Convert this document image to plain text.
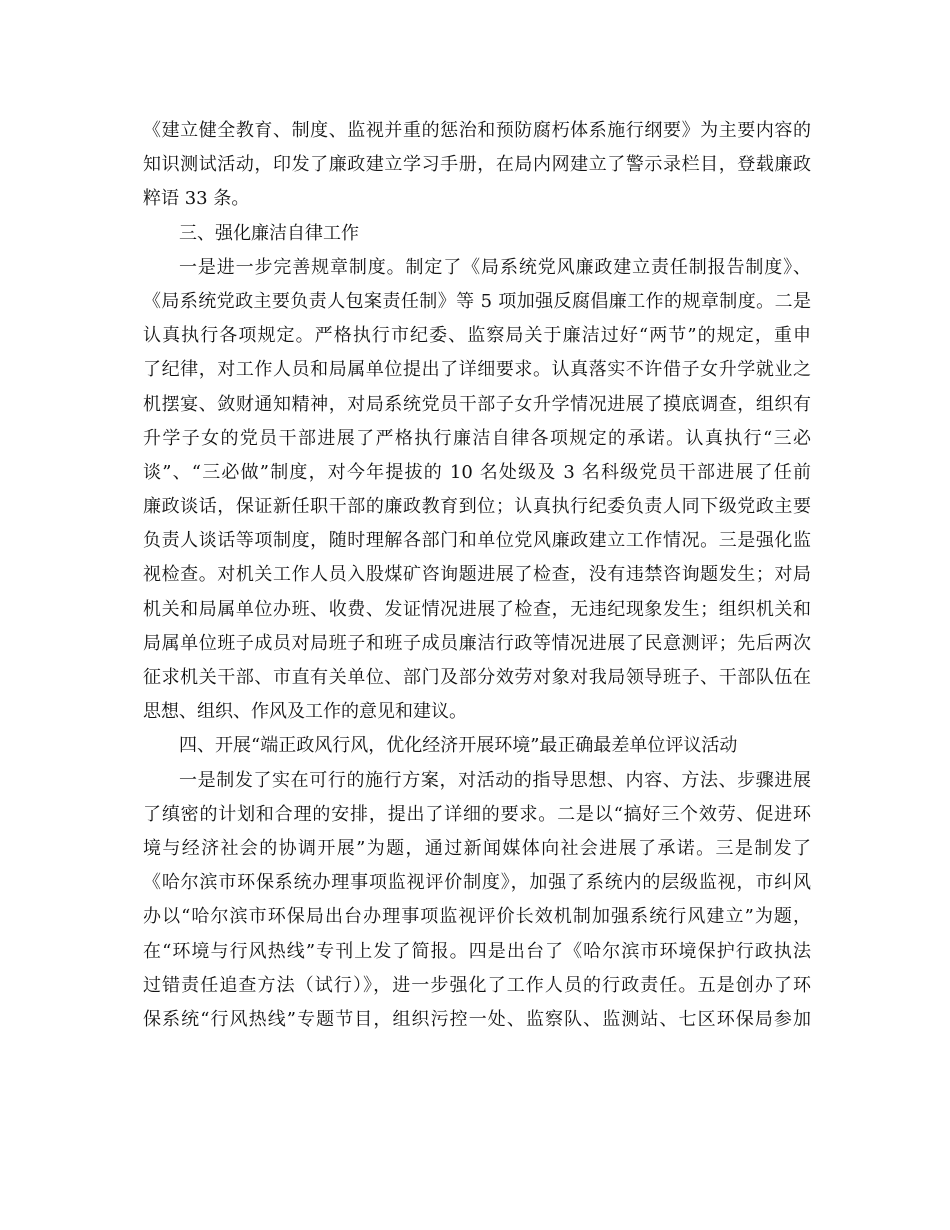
《建立健全教育、制度、监视并重的惩治和预防腐朽体系施行纲要》为主要内容的
知识测试活动，印发了廉政建立学习手册，在局内网建立了警示录栏目，登载廉政
粹语 33 条。
三、强化廉洁自律工作
一是进一步完善规章制度。制定了《局系统党风廉政建立责任制报告制度》、
《局系统党政主要负责人包案责任制》等 5 项加强反腐倡廉工作的规章制度。二是
认真执行各项规定。严格执行市纪委、监察局关于廉洁过好“两节”的规定，重申
了纪律，对工作人员和局属单位提出了详细要求。认真落实不许借子女升学就业之
机摆宴、敛财通知精神，对局系统党员干部子女升学情况进展了摸底调查，组织有
升学子女的党员干部进展了严格执行廉洁自律各项规定的承诺。认真执行“三必
谈”、“三必做”制度，对今年提拔的 10 名处级及 3 名科级党员干部进展了任前
廉政谈话，保证新任职干部的廉政教育到位；认真执行纪委负责人同下级党政主要
负责人谈话等项制度，随时理解各部门和单位党风廉政建立工作情况。三是强化监
视检查。对机关工作人员入股煤矿咨询题进展了检查，没有违禁咨询题发生；对局
机关和局属单位办班、收费、发证情况进展了检查，无违纪现象发生；组织机关和
局属单位班子成员对局班子和班子成员廉洁行政等情况进展了民意测评；先后两次
征求机关干部、市直有关单位、部门及部分效劳对象对我局领导班子、干部队伍在
思想、组织、作风及工作的意见和建议。
四、开展“端正政风行风，优化经济开展环境”最正确最差单位评议活动
一是制发了实在可行的施行方案，对活动的指导思想、内容、方法、步骤进展
了缜密的计划和合理的安排，提出了详细的要求。二是以“搞好三个效劳、促进环
境与经济社会的协调开展”为题，通过新闻媒体向社会进展了承诺。三是制发了
《哈尔滨市环保系统办理事项监视评价制度》，加强了系统内的层级监视，市纠风
办以“哈尔滨市环保局出台办理事项监视评价长效机制加强系统行风建立”为题，
在“环境与行风热线”专刊上发了简报。四是出台了《哈尔滨市环境保护行政执法
过错责任追查方法（试行）》，进一步强化了工作人员的行政责任。五是创办了环
保系统“行风热线”专题节目，组织污控一处、监察队、监测站、七区环保局参加
